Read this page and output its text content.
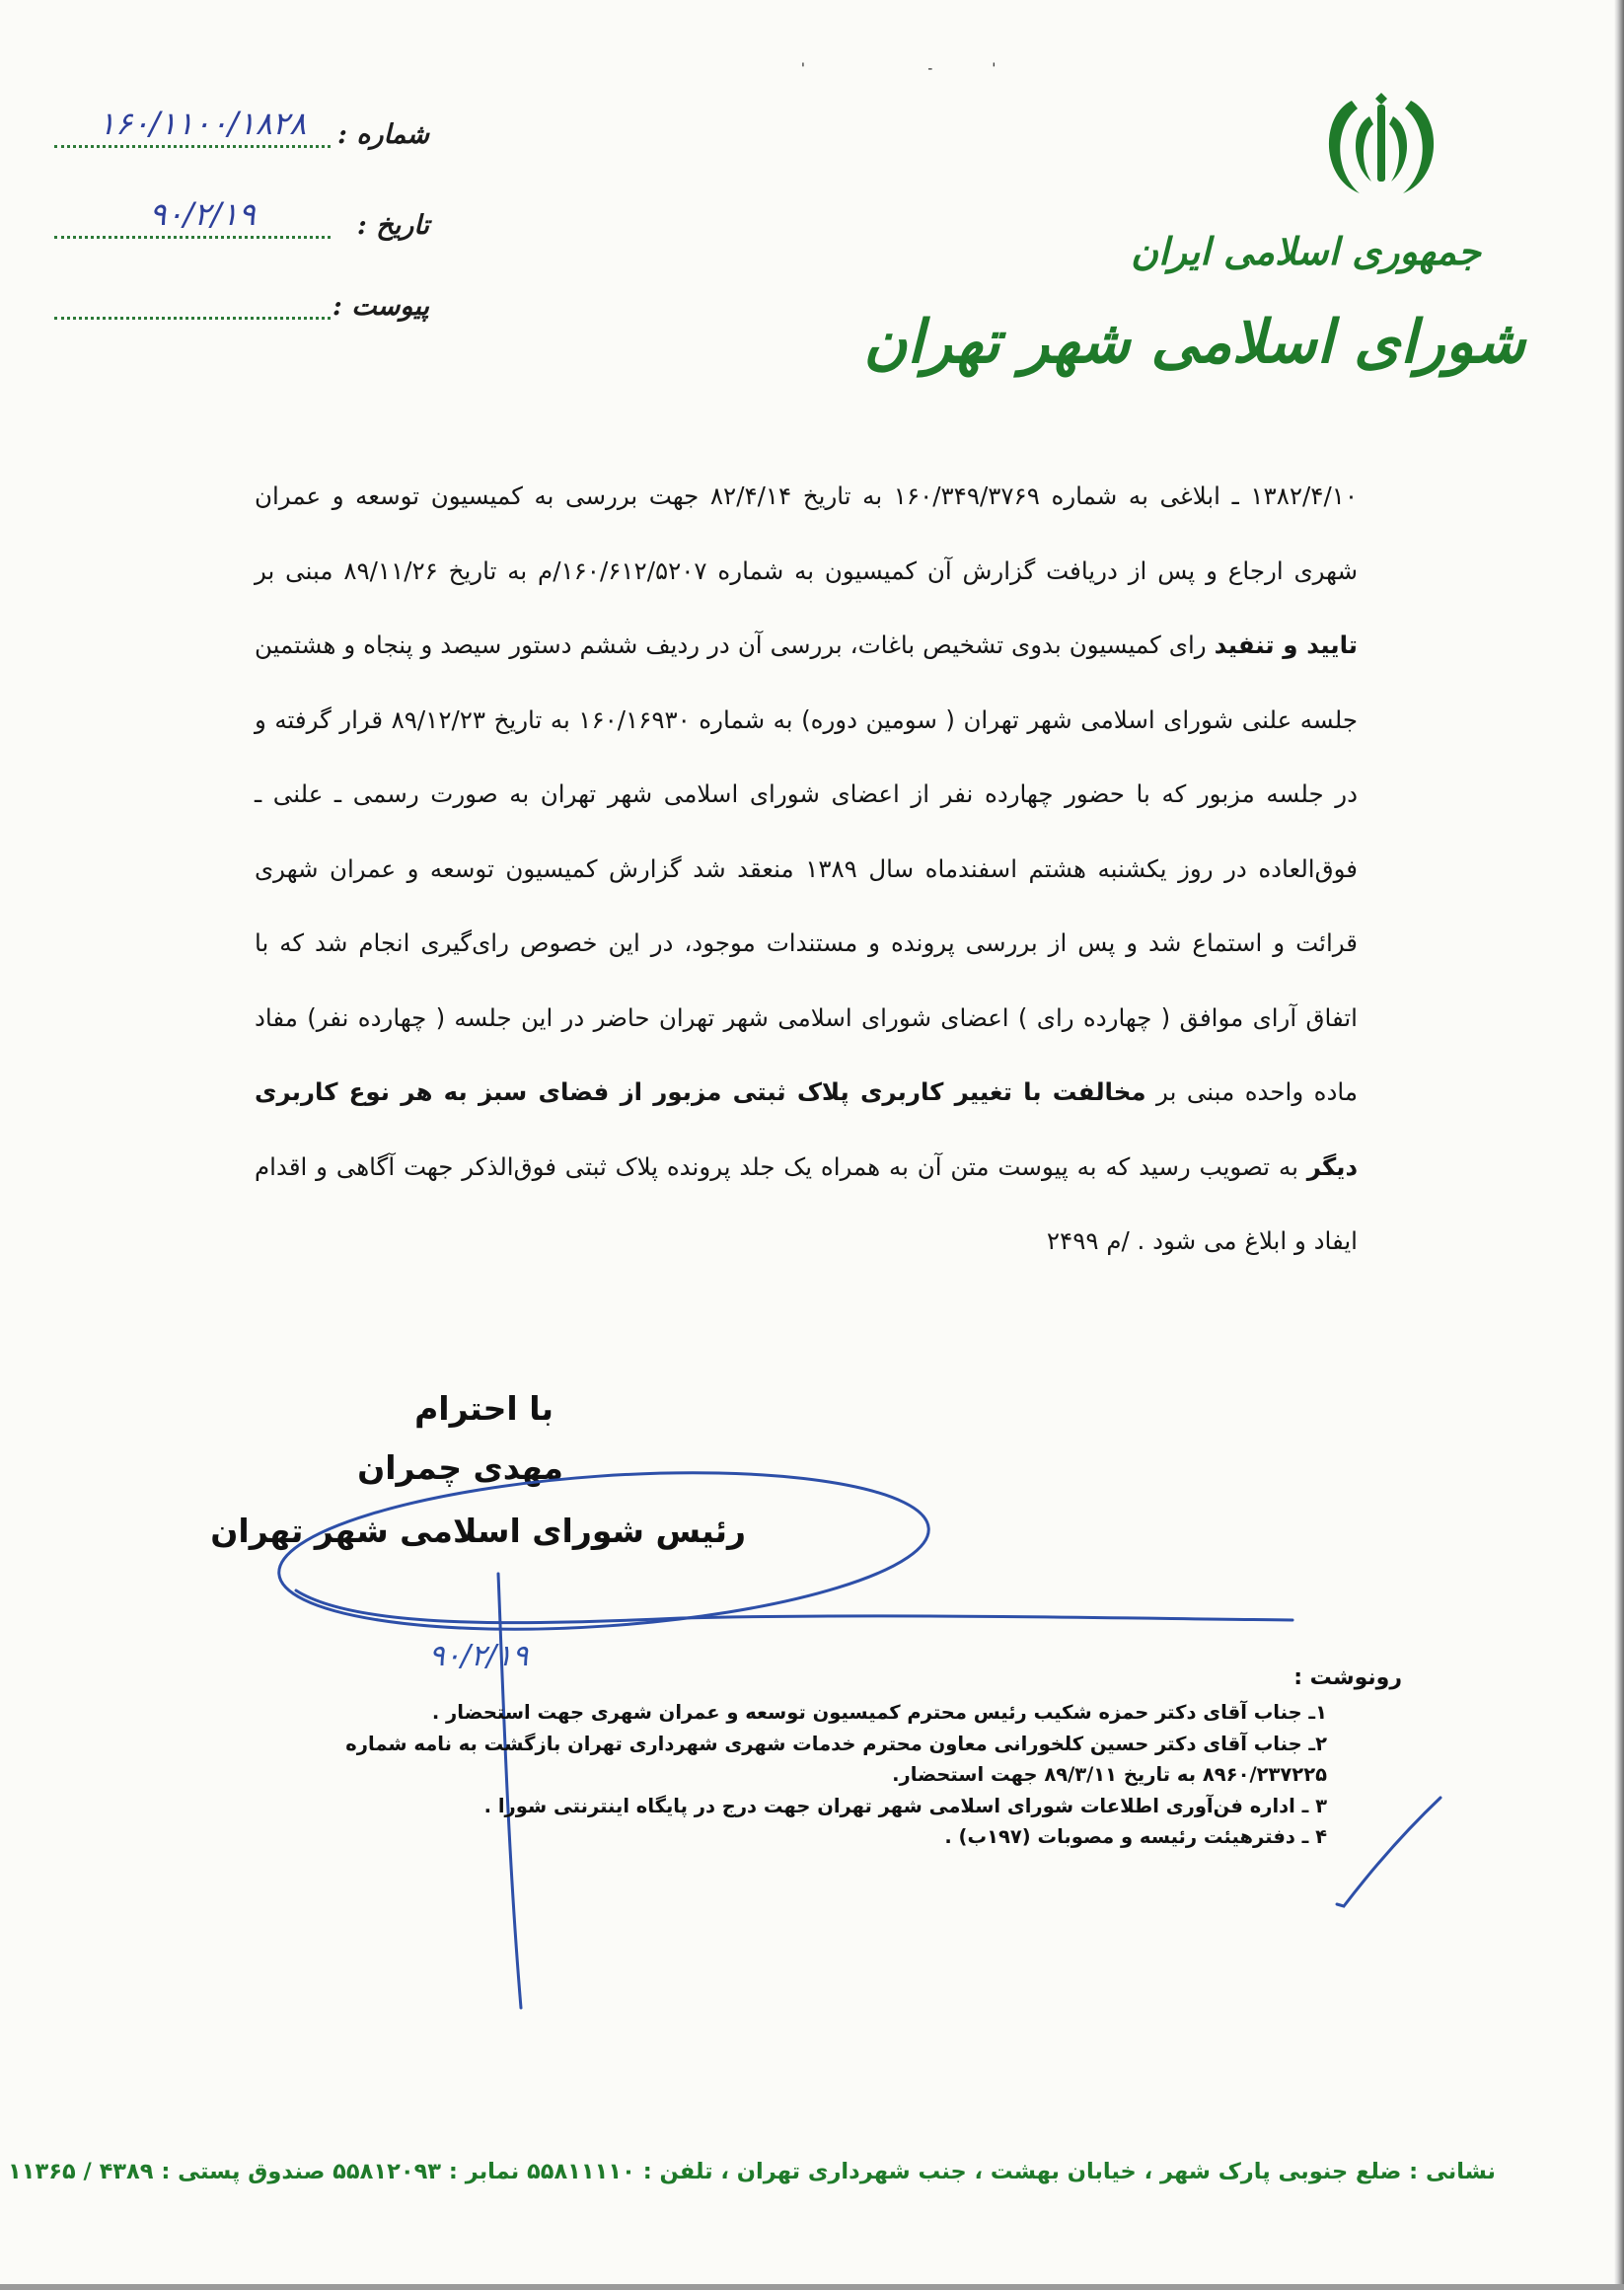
' -'
جمهوری اسلامی ایران
شورای اسلامی شهر تهران
۱۶۰/۱۱۰۰/۱۸۲۸	شماره :
۹۰/۲/۱۹	تاریخ :
پیوست :
۱۳۸۲/۴/۱۰ ـ ابلاغی به شماره ۱۶۰/۳۴۹/۳۷۶۹ به تاریخ ۸۲/۴/۱۴ جهت بررسی به کمیسیون توسعه و عمران شهری ارجاع و پس از دریافت گزارش آن کمیسیون به شماره ۱۶۰/۶۱۲/۵۲۰۷/م به تاریخ ۸۹/۱۱/۲۶ مبنی بر تایید و تنفید رای کمیسیون بدوی تشخیص باغات، بررسی آن در ردیف ششم دستور سیصد و پنجاه و هشتمین جلسه علنی شورای اسلامی شهر تهران ( سومین دوره) به شماره ۱۶۰/۱۶۹۳۰ به تاریخ ۸۹/۱۲/۲۳ قرار گرفته و در جلسه مزبور که با حضور چهارده نفر از اعضای شورای اسلامی شهر تهران به صورت رسمی ـ علنی ـ فوق‌العاده در روز یکشنبه هشتم اسفندماه سال ۱۳۸۹ منعقد شد گزارش کمیسیون توسعه و عمران شهری قرائت و استماع شد و پس از بررسی پرونده و مستندات موجود، در این خصوص رای‌گیری انجام شد که با اتفاق آرای موافق ( چهارده رای ) اعضای شورای اسلامی شهر تهران حاضر در این جلسه ( چهارده نفر) مفاد ماده واحده مبنی بر مخالفت با تغییر کاربری پلاک ثبتی مزبور از فضای سبز به هر نوع کاربری دیگر به تصویب رسید که به پیوست متن آن به همراه یک جلد پرونده پلاک ثبتی فوق‌الذکر جهت آگاهی و اقدام ایفاد و ابلاغ می شود . /م ۲۴۹۹
با احترام
مهدی چمران
رئیس شورای اسلامی شهر تهران
۹۰/۲/۱۹
رونوشت :
۱ـ جناب آقای دکتر حمزه شکیب رئیس محترم کمیسیون توسعه و عمران شهری جهت استحضار .
۲ـ جناب آقای دکتر حسین کلخورانی معاون محترم خدمات شهری شهرداری تهران بازگشت به نامه شماره ۸۹۶۰/۲۳۷۲۲۵ به تاریخ ۸۹/۳/۱۱ جهت استحضار.
۳ ـ اداره فن‌آوری اطلاعات شورای اسلامی شهر تهران جهت درج در پایگاه اینترنتی شورا .
۴ ـ دفترهیئت رئیسه و مصوبات (۱۹۷ب) .
نشانی : ضلع جنوبی پارک شهر ، خیابان بهشت ، جنب شهرداری تهران ، تلفن : ۵۵۸۱۱۱۱۰ نمابر : ۵۵۸۱۲۰۹۳ صندوق پستی : ۴۳۸۹ / ۱۱۳۶۵
